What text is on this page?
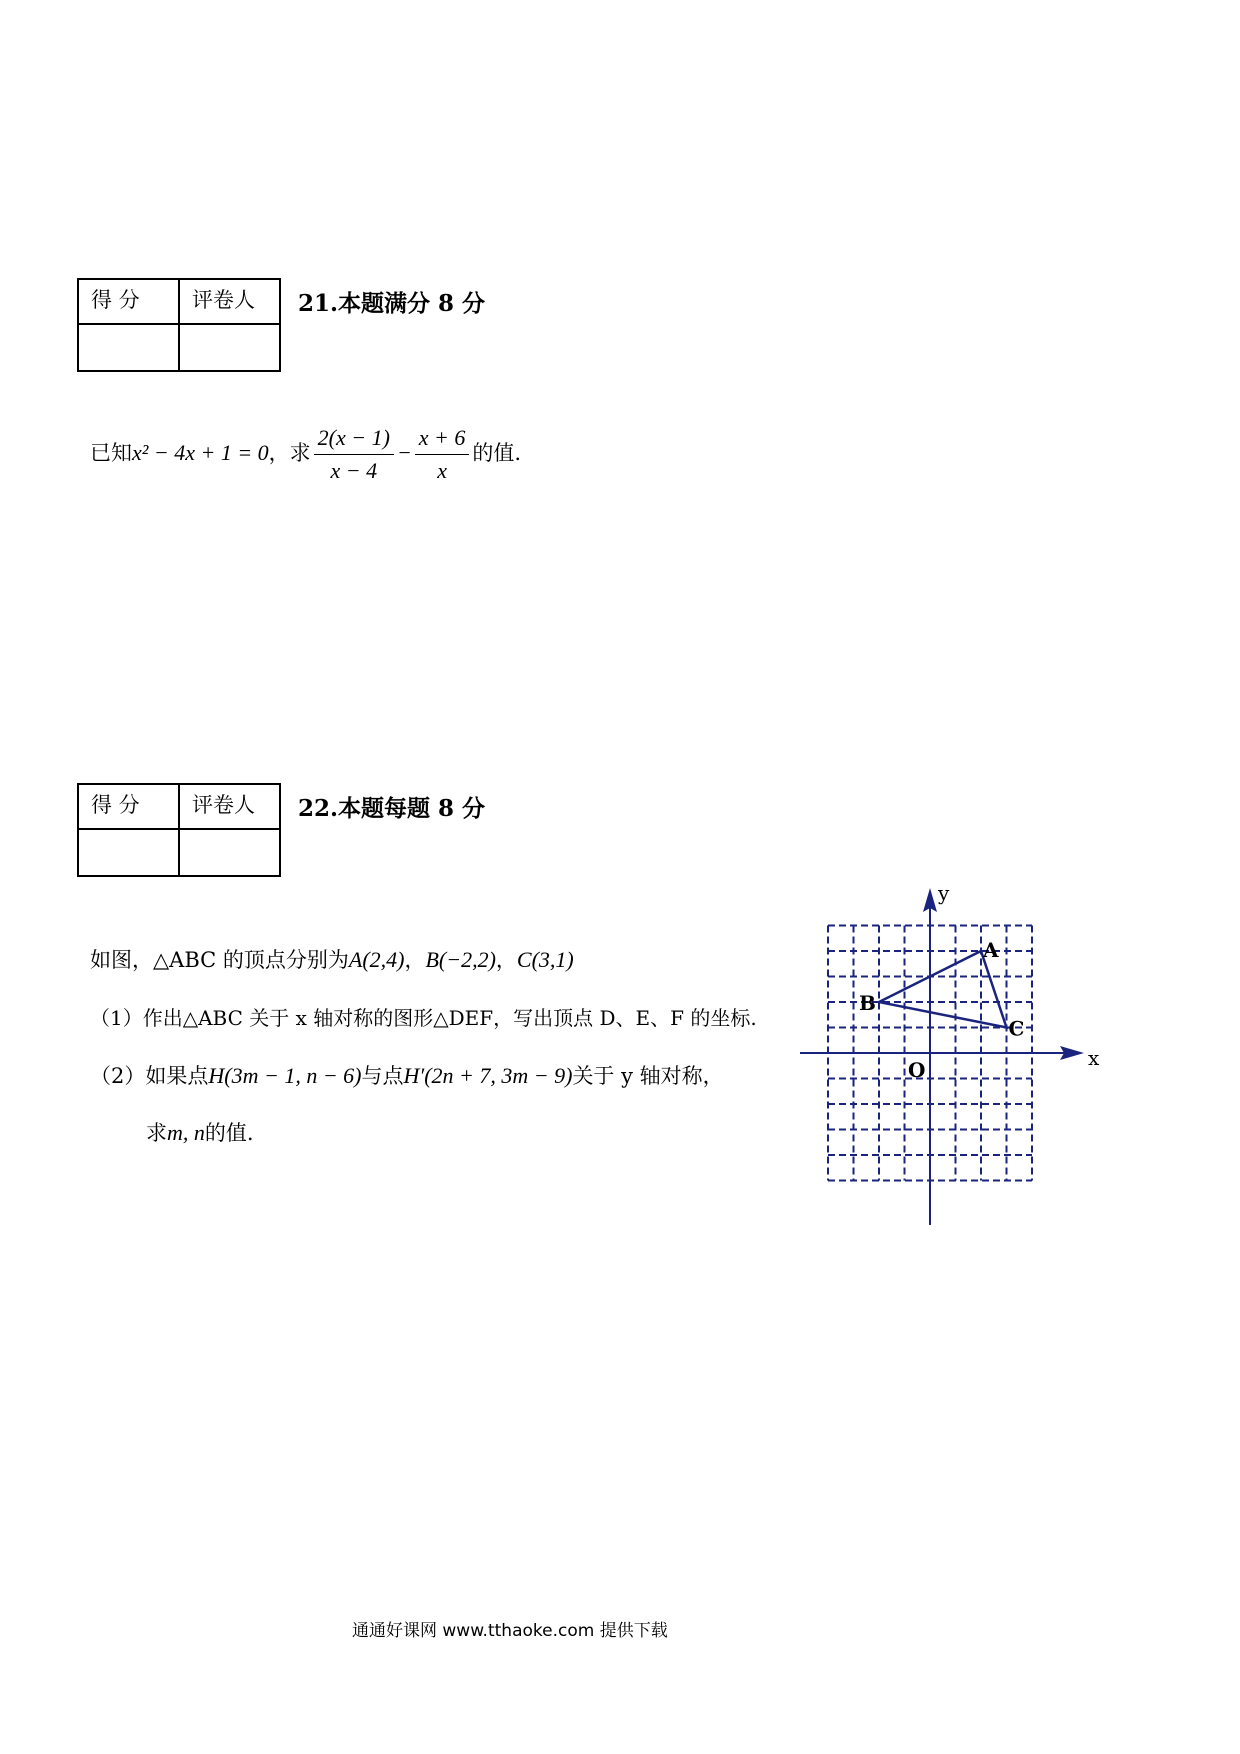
得 分	评卷人
	21.本题满分 8 分
已知x² − 4x + 1 = 0，求 $\frac{2(x - 1)}{x - 4} - \frac{x + 6}{x}$ 的值.
得 分	评卷人
	22.本题每题 8 分
如图，△ABC 的顶点分别为A(2,4)，B(−2,2)，C(3,1)
（1）作出△ABC 关于 x 轴对称的图形△DEF，写出顶点 D、E、F 的坐标.
（2）如果点H(3m − 1, n − 6)与点H′(2n + 7, 3m − 9)关于 y 轴对称，
求m, n的值.
x
y
O
A
B
C
通通好课网 www.tthaoke.com 提供下载
